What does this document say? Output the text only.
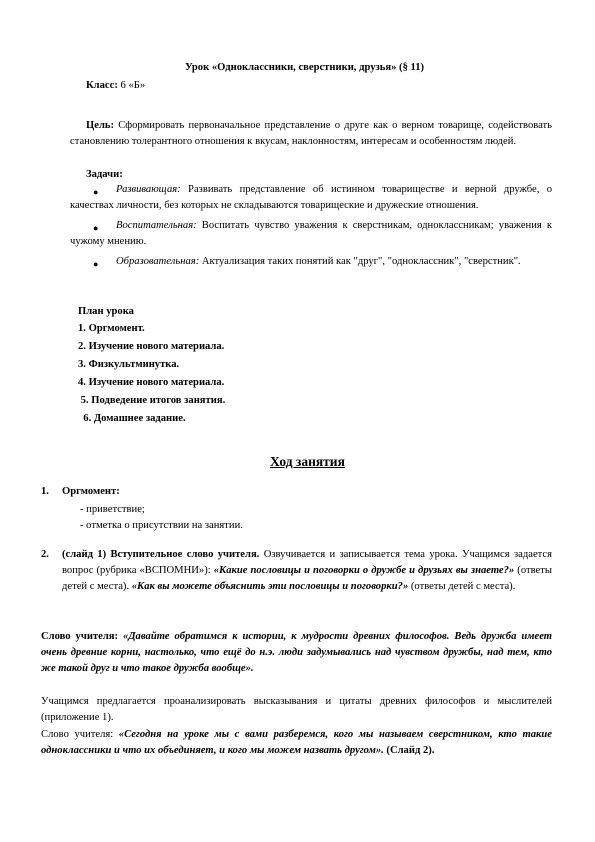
Урок «Одноклассники, сверстники, друзья» (§ 11)
Класс: 6 «Б»
Цель: Сформировать первоначальное представление о друге как о верном товарище, содействовать становлению толерантного отношения к вкусам, наклонностям, интересам и особенностям людей.
Задачи:
●	Развивающая: Развивать представление об истинном товариществе и верной дружбе, о качествах личности, без которых не складываются товарищеские и дружеские отношения.
●	Воспитательная: Воспитать чувство уважения к сверстникам, одноклассникам; уважения к чужому мнению.
●	Образовательная: Актуализация таких понятий как "друг", "одноклассник", "сверстник".
План урока
1. Оргмомент.
2. Изучение нового материала.
3. Физкультминутка.
4. Изучение нового материала.
5. Подведение итогов занятия.
6. Домашнее задание.
Ход занятия
1. Оргмомент:
- приветствие;
- отметка о присутствии на занятии.
2. (слайд 1) Вступительное слово учителя. Озвучивается и записывается тема урока. Учащимся задается вопрос (рубрика «ВСПОМНИ»): «Какие пословицы и поговорки о дружбе и друзьях вы знаете?» (ответы детей с места). «Как вы можете объяснить эти пословицы и поговорки?» (ответы детей с места).
Слово учителя: «Давайте обратимся к истории, к мудрости древних философов. Ведь дружба имеет очень древние корни, настолько, что ещё до н.э. люди задумывались над чувством дружбы, над тем, кто же такой друг и что такое дружба вообще».
Учащимся предлагается проанализировать высказывания и цитаты древних философов и мыслителей (приложение 1).
Слово учителя: «Сегодня на уроке мы с вами разберемся, кого мы называем сверстником, кто такие одноклассники и что их объединяет, и кого мы можем назвать другом». (Слайд 2).
